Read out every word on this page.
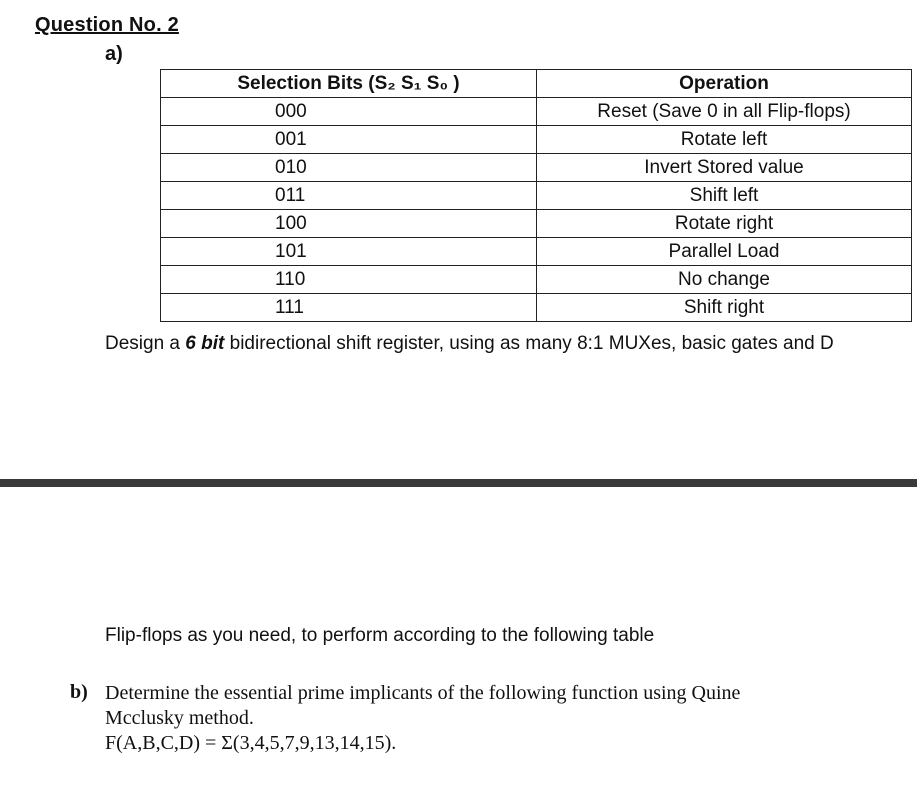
Question No. 2
a)
Selection Bits (S₂ S₁ S₀ )	Operation
000	Reset (Save 0 in all Flip-flops)
001	Rotate left
010	Invert Stored value
011	Shift left
100	Rotate right
101	Parallel Load
110	No change
111	Shift right
Design a 6 bit bidirectional shift register, using as many 8:1 MUXes, basic gates and D
Flip-flops as you need, to perform according to the following table
b) Determine the essential prime implicants of the following function using Quine
Mcclusky method.
F(A,B,C,D) = Σ(3,4,5,7,9,13,14,15).
